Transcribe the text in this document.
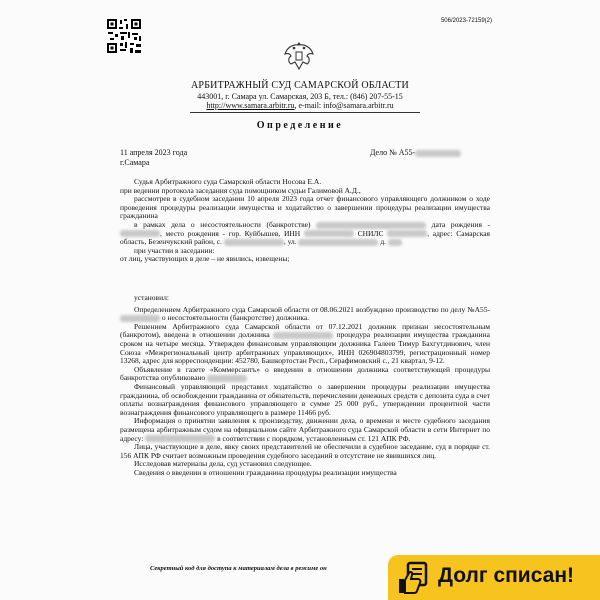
506/2023-72159(2)
АРБИТРАЖНЫЙ СУД САМАРСКОЙ ОБЛАСТИ
443001, г. Самара ул. Самарская, 203 Б, тел.: (846) 207-55-15
http://www.samara.arbitr.ru, e-mail: info@samara.arbitr.ru
Определение
11 апреля 2023 года
г.Самара
Дело № А55-

Судья Арбитражного суда Самарской области Носова Е.А.

при ведении протокола заседания суда помощником судьи Галимовой А.Д.,

рассмотрев в судебном заседании 10 апреля 2023 года отчет финансового управляющего должником о ходе проведения процедуры реализации имущества и ходатайство о завершении процедуры реализации имущества гражданина

в рамках дела о несостоятельности (банкротстве)	дата рождения - , место рождения - гор. Куйбышев, ИНН	СНИЛС	, адрес: Самарская область, Безенчукский район, с.	, ул.	д.

при участии в заседании:

от лиц, участвующих в деле – не явились, извещены;

установил:

Определением Арбитражного суда Самарской области от 08.06.2021 возбуждено производство по делу №А55- о несостоятельности (банкротстве) должника.

Решением Арбитражного суда Самарской области от 07.12.2021 должник признан несостоятельным (банкротом), введена в отношении должника	процедура реализации имущества гражданина сроком на четыре месяца. Утвержден финансовым управляющим должника Галеев Тимур Бахгутдинович, член Союза «Межрегиональный центр арбитражных управляющих», ИНН 026904803799, регистрационный номер 13268, адрес для корреспонденции: 452780, Башкортостан Респ., Серафимовский с., 21 квартал, 9-12.

Объявление в газете «Коммерсантъ» о введении в отношении должника соответствующей процедуры банкротства опубликовано

Финансовый управляющий представил ходатайство о завершении процедуры реализации имущества гражданина, об освобождении гражданина от обязательств, перечислении денежных средств с депозита суда в счет оплаты вознаграждения финансового управляющего в сумме 25 000 руб., утверждении процентной части вознаграждения финансового управляющего в размере 11466 руб.

Информация о принятии заявления к производству, движении дела, о времени и месте судебного заседания размещена арбитражным судом на официальном сайте Арбитражного суда Самарской области в сети Интернет по адресу:	в соответствии с порядком, установленным ст. 121 АПК РФ.

Лица, участвующие в деле, явку своих представителей не обеспечили в судебное заседание, суд в порядке ст. 156 АПК РФ считает возможным проведения судебного заседаний в отсутствие не явившихся лиц.

Исследовав материалы дела, суд установил следующее.

Сведения о введении в отношении гражданина процедуры реализации имущества

Секретный код для доступа к материалам дела в режиме он	Долг списан!
